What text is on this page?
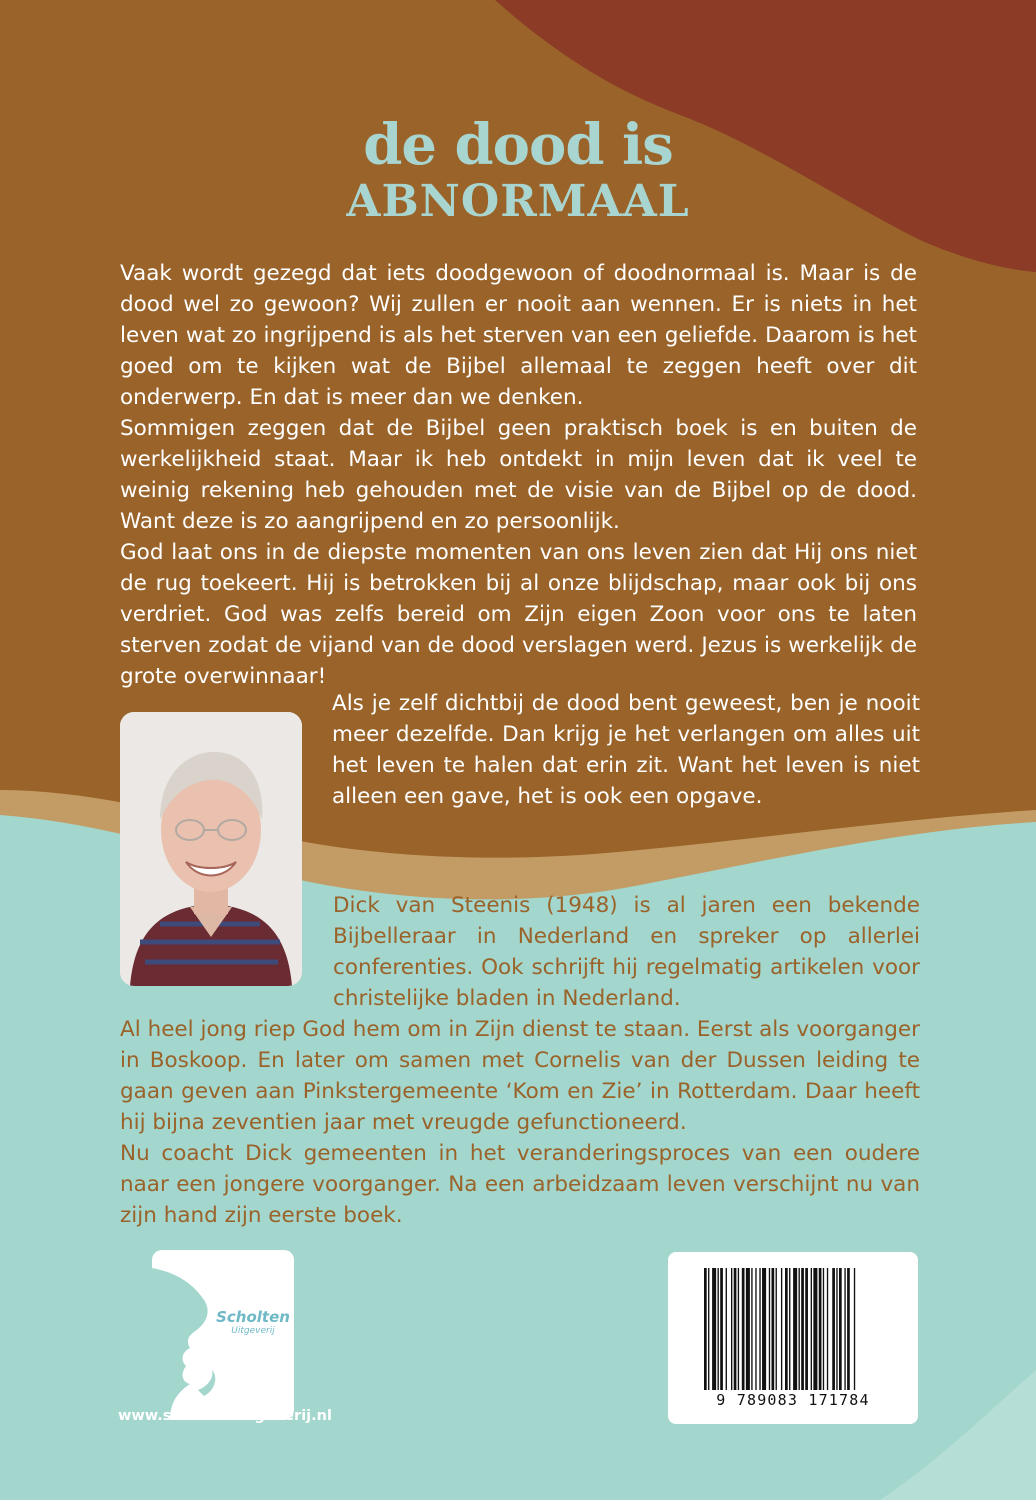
de dood is
ABNORMAAL

Vaak wordt gezegd dat iets doodgewoon of doodnormaal is. Maar is de dood wel zo gewoon? Wij zullen er nooit aan wennen. Er is niets in het leven wat zo ingrijpend is als het sterven van een geliefde. Daarom is het goed om te kijken wat de Bijbel allemaal te zeggen heeft over dit onderwerp. En dat is meer dan we denken.

Sommigen zeggen dat de Bijbel geen praktisch boek is en buiten de werkelijkheid staat. Maar ik heb ontdekt in mijn leven dat ik veel te weinig rekening heb gehouden met de visie van de Bijbel op de dood. Want deze is zo aangrijpend en zo persoonlijk.

God laat ons in de diepste momenten van ons leven zien dat Hij ons niet de rug toekeert. Hij is betrokken bij al onze blijdschap, maar ook bij ons verdriet. God was zelfs bereid om Zijn eigen Zoon voor ons te laten sterven zodat de vijand van de dood verslagen werd. Jezus is werkelijk de grote overwinnaar!

Als je zelf dichtbij de dood bent geweest, ben je nooit meer dezelfde. Dan krijg je het verlangen om alles uit het leven te halen dat erin zit. Want het leven is niet alleen een gave, het is ook een opgave.

Dick van Steenis (1948) is al jaren een bekende Bijbelleraar in Nederland en spreker op allerlei conferenties. Ook schrijft hij regelmatig artikelen voor christelijke bladen in Nederland.

Al heel jong riep God hem om in Zijn dienst te staan. Eerst als voorganger in Boskoop. En later om samen met Cornelis van der Dussen leiding te gaan geven aan Pinkstergemeente ‘Kom en Zie’ in Rotterdam. Daar heeft hij bijna zeventien jaar met vreugde gefunctioneerd.

Nu coacht Dick gemeenten in het veranderingsproces van een oudere naar een jongere voorganger. Na een arbeidzaam leven verschijnt nu van zijn hand zijn eerste boek.

Scholten
Uitgeverij
www.scholtenuitgeverij.nl
9 789083 171784
